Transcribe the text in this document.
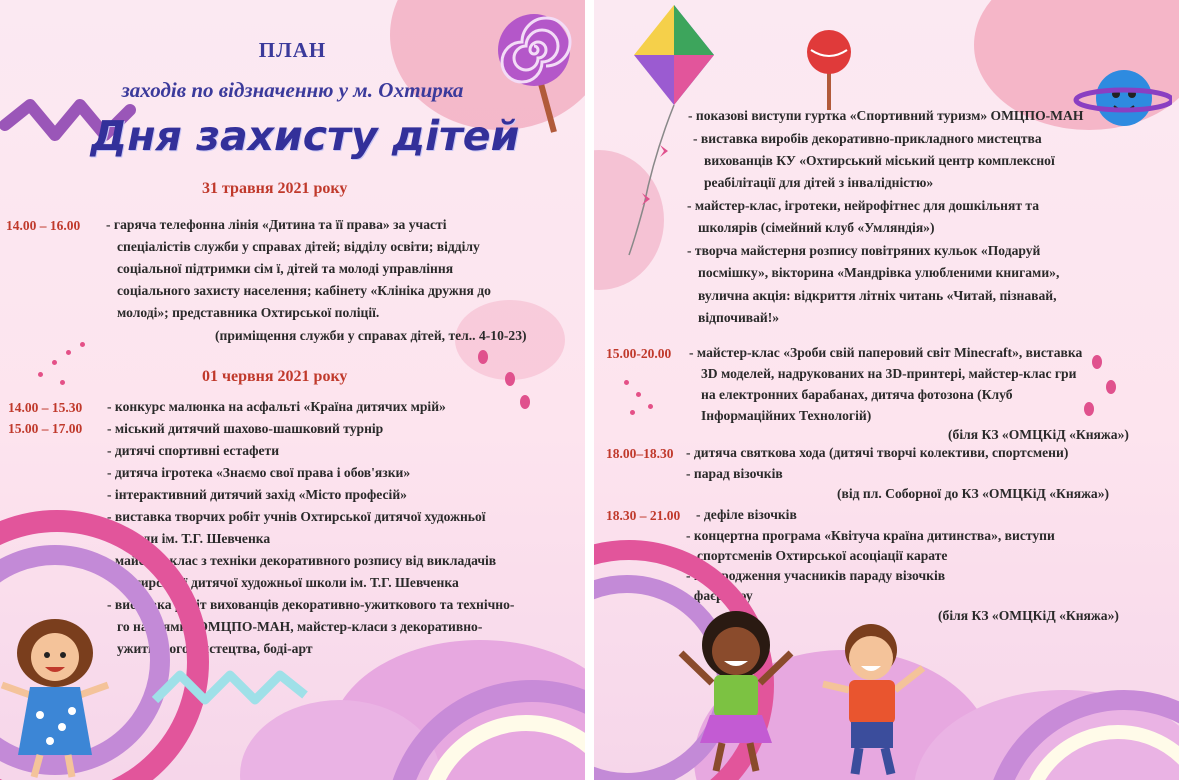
ПЛАН
заходів по відзначенню у м. Охтирка
Дня захисту дітей
31 травня 2021 року
14.00 – 16.00 - гаряча телефонна лінія «Дитина та її права» за участі
спеціалістів служби у справах дітей; відділу освіти; відділу
соціальної підтримки сім ї, дітей та молоді управління
соціального захисту населення; кабінету «Клініка дружня до
молоді»; представника Охтирської поліції.
(приміщення служби у справах дітей, тел.. 4-10-23)
01 червня 2021 року
14.00 – 15.30
15.00 – 17.00
- конкурс малюнка на асфальті «Країна дитячих мрій»
- міський дитячий шахово-шашковий турнір
- дитячі спортивні естафети
- дитяча ігротека «Знаємо свої права і обов'язки»
- інтерактивний дитячий захід «Місто професій»
- виставка творчих робіт учнів Охтирської дитячої художньої
школи ім. Т.Г. Шевченка
- майстер-клас з техніки декоративного розпису від викладачів
Охтирської дитячої художньої школи ім. Т.Г. Шевченка
- виставка робіт вихованців декоративно-ужиткового та технічно-
го напрямку ОМЦПО-МАН, майстер-класи з декоративно-
ужиткового мистецтва, боді-арт
- показові виступи гуртка «Спортивний туризм» ОМЦПО-МАН
- виставка виробів декоративно-прикладного мистецтва
вихованців КУ «Охтирський міський центр комплексної
реабілітації для дітей з інвалідністю»
- майстер-клас, ігротеки, нейрофітнес для дошкільнят та
школярів (сімейний клуб «Умляндія»)
- творча майстерня розпису повітряних кульок «Подаруй
посмішку», вікторина «Мандрівка улюбленими книгами»,
вулична акція: відкриття літніх читань «Читай, пізнавай,
відпочивай!»
15.00-20.00 - майстер-клас «Зроби свій паперовий світ Minecraft», виставка
3D моделей, надрукованих на 3D-принтері, майстер-клас гри
на електронних барабанах, дитяча фотозона (Клуб
Інформаційних Технологій)
(біля КЗ «ОМЦКіД «Княжа»)
18.00–18.30 - дитяча святкова хода (дитячі творчі колективи, спортсмени)
- парад візочків
(від пл. Соборної до КЗ «ОМЦКіД «Княжа»)
18.30 – 21.00 - дефіле візочків
- концертна програма «Квітуча країна дитинства», виступи
спортсменів Охтирської асоціації карате
- нагородження учасників параду візочків
- фаєр-шоу
(біля КЗ «ОМЦКіД «Княжа»)
